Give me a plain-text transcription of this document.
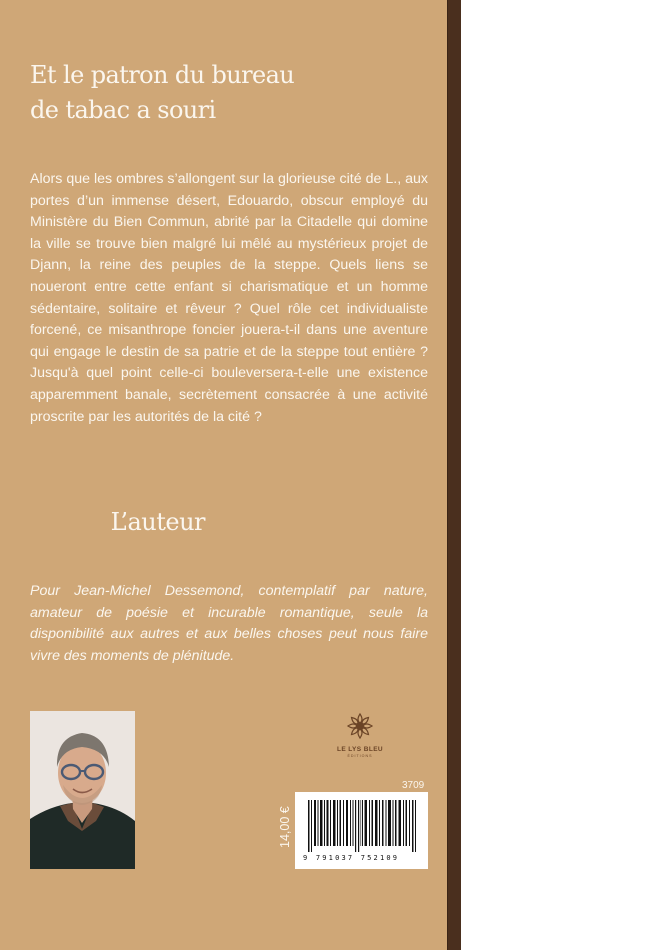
Et le patron du bureau
de tabac a souri

Alors que les ombres s’allongent sur la glorieuse cité de L., aux portes d’un immense désert, Edouardo, obscur employé du Ministère du Bien Commun, abrité par la Citadelle qui domine la ville se trouve bien malgré lui mêlé au mystérieux projet de Djann, la reine des peuples de la steppe. Quels liens se noueront entre cette enfant si charismatique et un homme sédentaire, solitaire et rêveur ? Quel rôle cet individualiste forcené, ce misanthrope foncier jouera-t-il dans une aventure qui engage le destin de sa patrie et de la steppe tout entière ? Jusqu'à quel point celle-ci bouleversera-t-elle une existence apparemment banale, secrètement consacrée à une activité proscrite par les autorités de la cité ?

L’auteur

Pour Jean-Michel Dessemond, contemplatif par nature, amateur de poésie et incurable romantique, seule la disponibilité aux autres et aux belles choses peut nous faire vivre des moments de plénitude.

LE LYS BLEU
ÉDITIONS
3709
14,00 €
9 791037 752109
